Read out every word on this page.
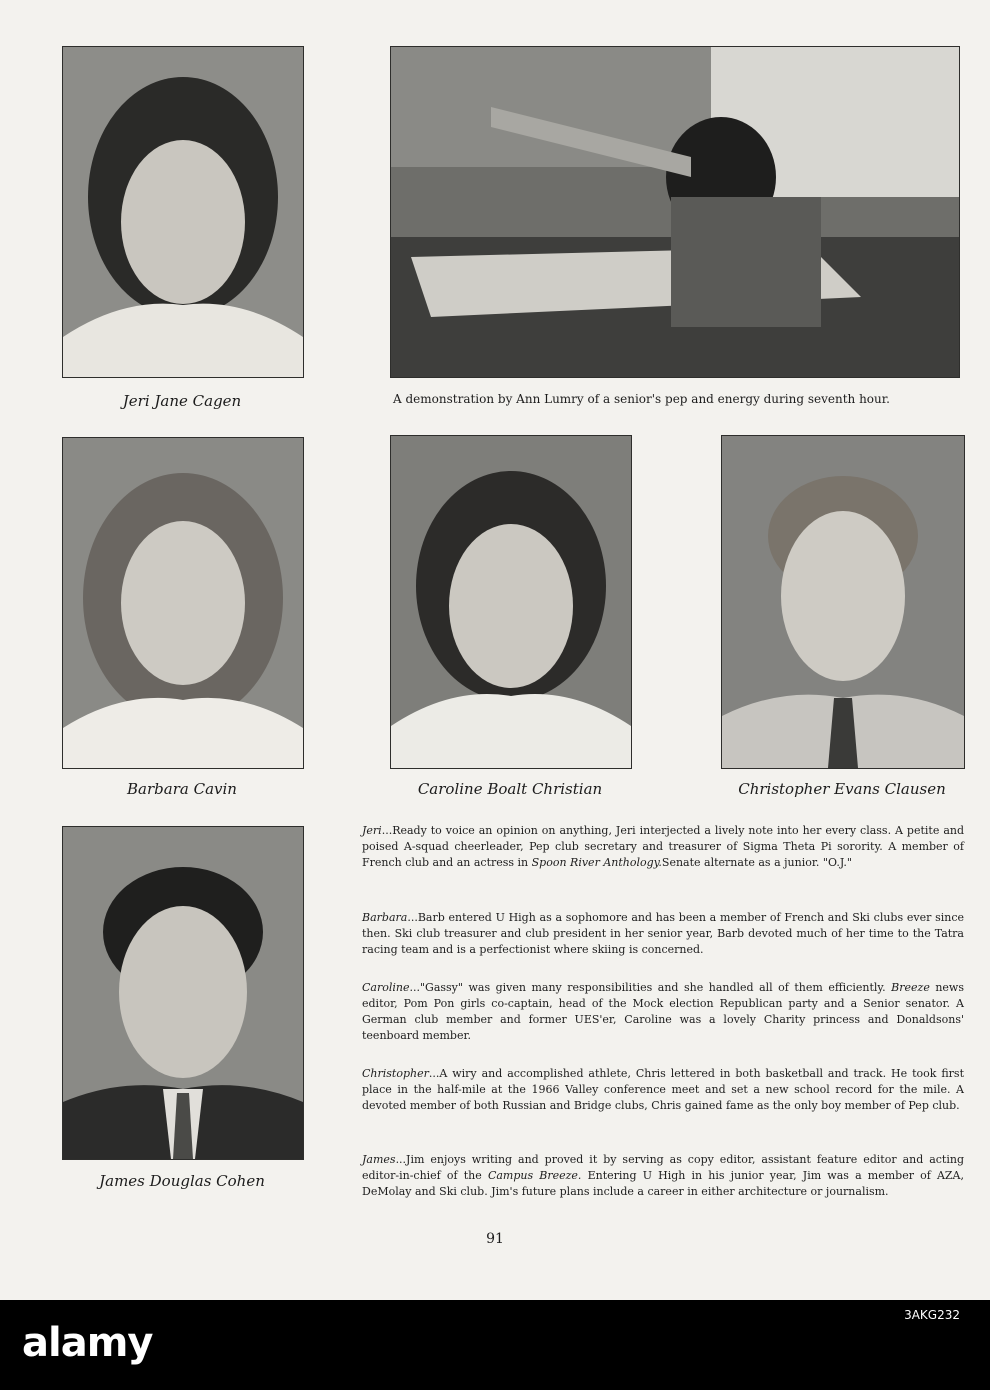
Jeri Jane Cagen	A demonstration by Ann Lumry of a senior's pep and energy during seventh hour.
Barbara Cavin	Caroline Boalt Christian	Christopher Evans Clausen
James Douglas Cohen
Jeri...Ready to voice an opinion on anything, Jeri interjected a lively note into her every class. A petite and poised A-squad cheerleader, Pep club secretary and treasurer of Sigma Theta Pi sorority. A member of French club and an actress in Spoon River Anthology.Senate alternate as a junior. "O.J."
Barbara...Barb entered U High as a sophomore and has been a member of French and Ski clubs ever since then. Ski club treasurer and club president in her senior year, Barb devoted much of her time to the Tatra racing team and is a perfectionist where skiing is concerned.
Caroline..."Gassy" was given many responsibilities and she handled all of them efficiently. Breeze news editor, Pom Pon girls co-captain, head of the Mock election Republican party and a Senior senator. A German club member and former UES'er, Caroline was a lovely Charity princess and Donaldsons' teenboard member.
Christopher...A wiry and accomplished athlete, Chris lettered in both basketball and track. He took first place in the half-mile at the 1966 Valley conference meet and set a new school record for the mile. A devoted member of both Russian and Bridge clubs, Chris gained fame as the only boy member of Pep club.
James...Jim enjoys writing and proved it by serving as copy editor, assistant feature editor and acting editor-in-chief of the Campus Breeze. Entering U High in his junior year, Jim was a member of AZA, DeMolay and Ski club. Jim's future plans include a career in either architecture or journalism.
91
alamy
3AKG232
